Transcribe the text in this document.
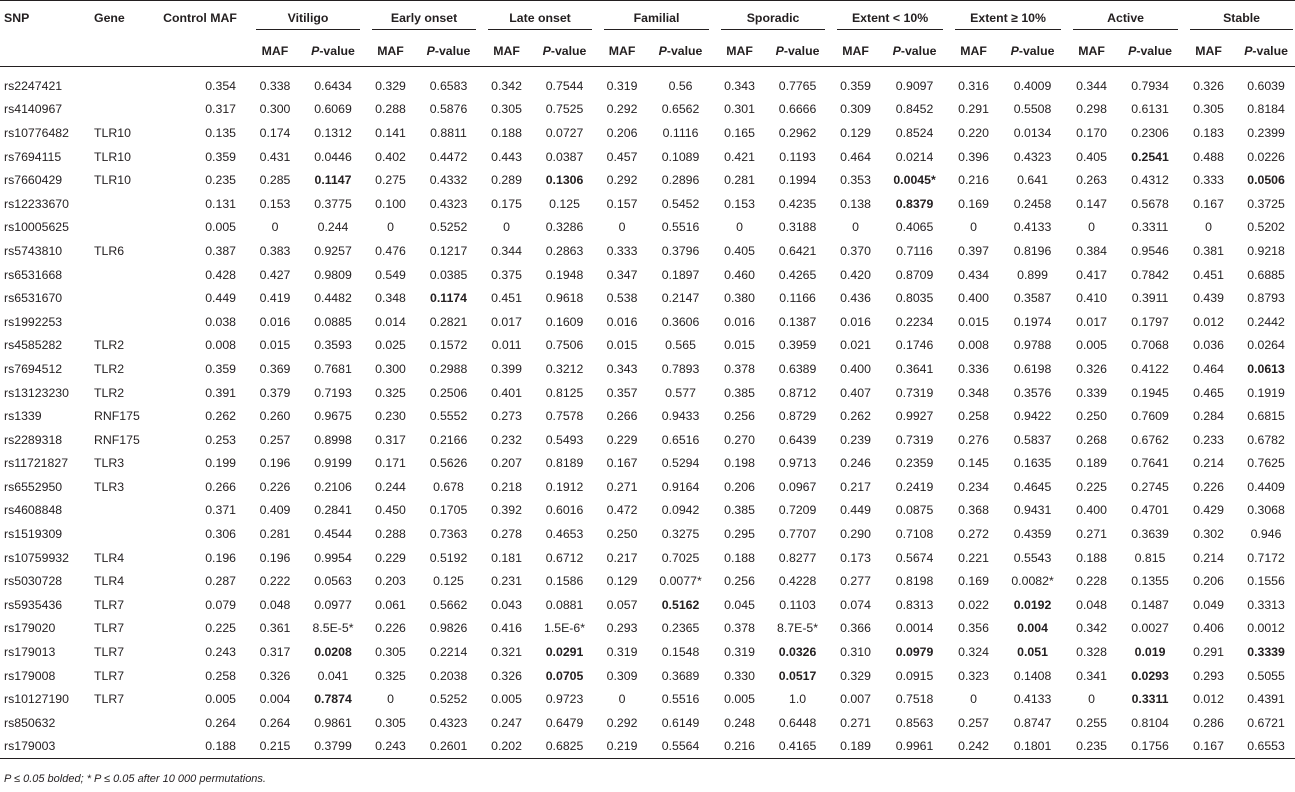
SNP	Gene	Control MAF	Vitiligo		Early onset		Late onset		Familial		Sporadic		Extent < 10%		Extent ≥ 10%		Active		Stable	

			MAF	P-value	MAF	P-value	MAF	P-value	MAF	P-value	MAF	P-value	MAF	P-value	MAF	P-value	MAF	P-value	MAF	P-value
rs2247421		0.354	0.338	0.6434	0.329	0.6583	0.342	0.7544	0.319	0.56	0.343	0.7765	0.359	0.9097	0.316	0.4009	0.344	0.7934	0.326	0.6039
rs4140967		0.317	0.300	0.6069	0.288	0.5876	0.305	0.7525	0.292	0.6562	0.301	0.6666	0.309	0.8452	0.291	0.5508	0.298	0.6131	0.305	0.8184
rs10776482	TLR10	0.135	0.174	0.1312	0.141	0.8811	0.188	0.0727	0.206	0.1116	0.165	0.2962	0.129	0.8524	0.220	0.0134	0.170	0.2306	0.183	0.2399
rs7694115	TLR10	0.359	0.431	0.0446	0.402	0.4472	0.443	0.0387	0.457	0.1089	0.421	0.1193	0.464	0.0214	0.396	0.4323	0.405	0.2541	0.488	0.0226
rs7660429	TLR10	0.235	0.285	0.1147	0.275	0.4332	0.289	0.1306	0.292	0.2896	0.281	0.1994	0.353	0.0045*	0.216	0.641	0.263	0.4312	0.333	0.0506
rs12233670		0.131	0.153	0.3775	0.100	0.4323	0.175	0.125	0.157	0.5452	0.153	0.4235	0.138	0.8379	0.169	0.2458	0.147	0.5678	0.167	0.3725
rs10005625		0.005	0	0.244	0	0.5252	0	0.3286	0	0.5516	0	0.3188	0	0.4065	0	0.4133	0	0.3311	0	0.5202
rs5743810	TLR6	0.387	0.383	0.9257	0.476	0.1217	0.344	0.2863	0.333	0.3796	0.405	0.6421	0.370	0.7116	0.397	0.8196	0.384	0.9546	0.381	0.9218
rs6531668		0.428	0.427	0.9809	0.549	0.0385	0.375	0.1948	0.347	0.1897	0.460	0.4265	0.420	0.8709	0.434	0.899	0.417	0.7842	0.451	0.6885
rs6531670		0.449	0.419	0.4482	0.348	0.1174	0.451	0.9618	0.538	0.2147	0.380	0.1166	0.436	0.8035	0.400	0.3587	0.410	0.3911	0.439	0.8793
rs1992253		0.038	0.016	0.0885	0.014	0.2821	0.017	0.1609	0.016	0.3606	0.016	0.1387	0.016	0.2234	0.015	0.1974	0.017	0.1797	0.012	0.2442
rs4585282	TLR2	0.008	0.015	0.3593	0.025	0.1572	0.011	0.7506	0.015	0.565	0.015	0.3959	0.021	0.1746	0.008	0.9788	0.005	0.7068	0.036	0.0264
rs7694512	TLR2	0.359	0.369	0.7681	0.300	0.2988	0.399	0.3212	0.343	0.7893	0.378	0.6389	0.400	0.3641	0.336	0.6198	0.326	0.4122	0.464	0.0613
rs13123230	TLR2	0.391	0.379	0.7193	0.325	0.2506	0.401	0.8125	0.357	0.577	0.385	0.8712	0.407	0.7319	0.348	0.3576	0.339	0.1945	0.465	0.1919
rs1339	RNF175	0.262	0.260	0.9675	0.230	0.5552	0.273	0.7578	0.266	0.9433	0.256	0.8729	0.262	0.9927	0.258	0.9422	0.250	0.7609	0.284	0.6815
rs2289318	RNF175	0.253	0.257	0.8998	0.317	0.2166	0.232	0.5493	0.229	0.6516	0.270	0.6439	0.239	0.7319	0.276	0.5837	0.268	0.6762	0.233	0.6782
rs11721827	TLR3	0.199	0.196	0.9199	0.171	0.5626	0.207	0.8189	0.167	0.5294	0.198	0.9713	0.246	0.2359	0.145	0.1635	0.189	0.7641	0.214	0.7625
rs6552950	TLR3	0.266	0.226	0.2106	0.244	0.678	0.218	0.1912	0.271	0.9164	0.206	0.0967	0.217	0.2419	0.234	0.4645	0.225	0.2745	0.226	0.4409
rs4608848		0.371	0.409	0.2841	0.450	0.1705	0.392	0.6016	0.472	0.0942	0.385	0.7209	0.449	0.0875	0.368	0.9431	0.400	0.4701	0.429	0.3068
rs1519309		0.306	0.281	0.4544	0.288	0.7363	0.278	0.4653	0.250	0.3275	0.295	0.7707	0.290	0.7108	0.272	0.4359	0.271	0.3639	0.302	0.946
rs10759932	TLR4	0.196	0.196	0.9954	0.229	0.5192	0.181	0.6712	0.217	0.7025	0.188	0.8277	0.173	0.5674	0.221	0.5543	0.188	0.815	0.214	0.7172
rs5030728	TLR4	0.287	0.222	0.0563	0.203	0.125	0.231	0.1586	0.129	0.0077*	0.256	0.4228	0.277	0.8198	0.169	0.0082*	0.228	0.1355	0.206	0.1556
rs5935436	TLR7	0.079	0.048	0.0977	0.061	0.5662	0.043	0.0881	0.057	0.5162	0.045	0.1103	0.074	0.8313	0.022	0.0192	0.048	0.1487	0.049	0.3313
rs179020	TLR7	0.225	0.361	8.5E-5*	0.226	0.9826	0.416	1.5E-6*	0.293	0.2365	0.378	8.7E-5*	0.366	0.0014	0.356	0.004	0.342	0.0027	0.406	0.0012
rs179013	TLR7	0.243	0.317	0.0208	0.305	0.2214	0.321	0.0291	0.319	0.1548	0.319	0.0326	0.310	0.0979	0.324	0.051	0.328	0.019	0.291	0.3339
rs179008	TLR7	0.258	0.326	0.041	0.325	0.2038	0.326	0.0705	0.309	0.3689	0.330	0.0517	0.329	0.0915	0.323	0.1408	0.341	0.0293	0.293	0.5055
rs10127190	TLR7	0.005	0.004	0.7874	0	0.5252	0.005	0.9723	0	0.5516	0.005	1.0	0.007	0.7518	0	0.4133	0	0.3311	0.012	0.4391
rs850632		0.264	0.264	0.9861	0.305	0.4323	0.247	0.6479	0.292	0.6149	0.248	0.6448	0.271	0.8563	0.257	0.8747	0.255	0.8104	0.286	0.6721
rs179003		0.188	0.215	0.3799	0.243	0.2601	0.202	0.6825	0.219	0.5564	0.216	0.4165	0.189	0.9961	0.242	0.1801	0.235	0.1756	0.167	0.6553
P ≤ 0.05 bolded; * P ≤ 0.05 after 10 000 permutations.
